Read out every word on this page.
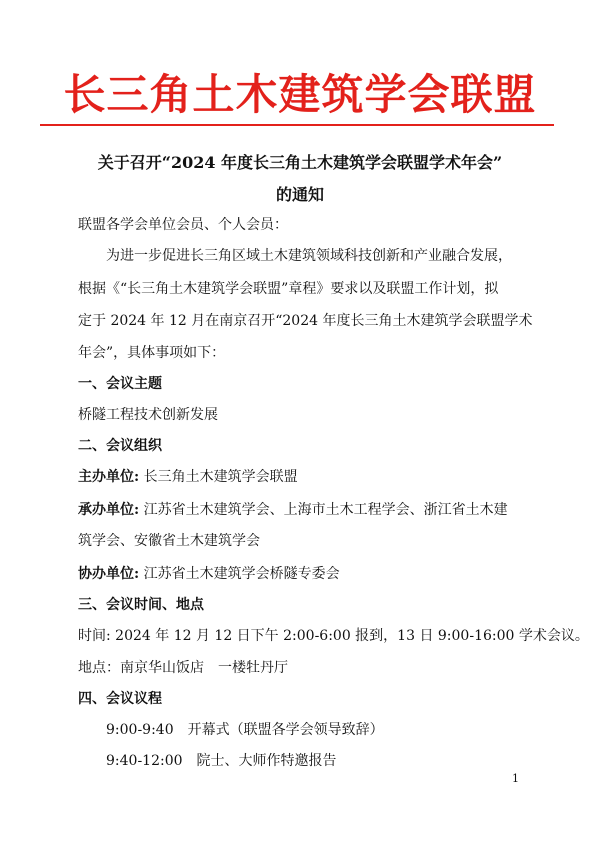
长三角土木建筑学会联盟
关于召开“2024 年度长三角土木建筑学会联盟学术年会”
的通知
联盟各学会单位会员、个人会员：
为进一步促进长三角区域土木建筑领域科技创新和产业融合发展，
根据《“长三角土木建筑学会联盟”章程》要求以及联盟工作计划，拟
定于 2024 年 12 月在南京召开“2024 年度长三角土木建筑学会联盟学术
年会”，具体事项如下：
一、会议主题
桥隧工程技术创新发展
二、会议组织
主办单位: 长三角土木建筑学会联盟
承办单位: 江苏省土木建筑学会、上海市土木工程学会、浙江省土木建
筑学会、安徽省土木建筑学会
协办单位: 江苏省土木建筑学会桥隧专委会
三、会议时间、地点
时间: 2024 年 12 月 12 日下午 2:00-6:00 报到，13 日 9:00-16:00 学术会议。
地点：南京华山饭店　一楼牡丹厅
四、会议议程
9:00-9:40　 开幕式（联盟各学会领导致辞）
9:40-12:00　 院士、大师作特邀报告
1
